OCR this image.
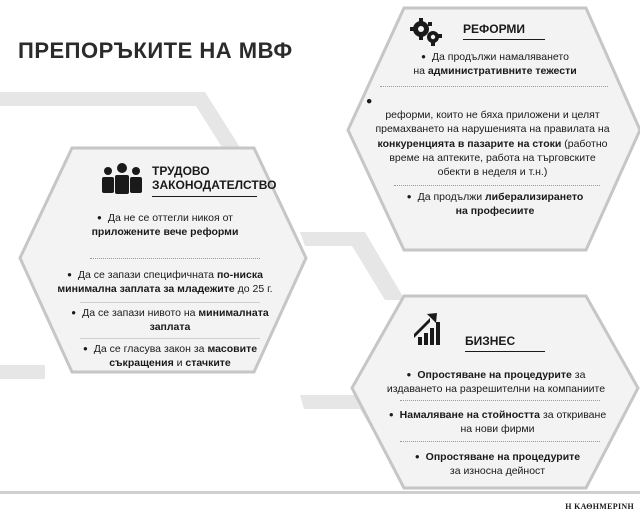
ПРЕПОРЪКИТЕ НА МВФ
РЕФОРМИ
● Да продължи намаляването
на административните тежести
●
реформи, които не бяха приложени и целят
премахването на нарушенията на правилата на
конкуренцията в пазарите на стоки (работно
време на аптеките, работа на търговските
обекти в неделя и т.н.)
● Да продължи либерализирането
на професиите
ТРУДОВО
ЗАКОНОДАТЕЛСТВО
● Да не се оттегли никоя от
приложените вече реформи
● Да се запази специфичната по-ниска
минимална заплата за младежите до 25 г.
● Да се запази нивото на минималната
заплата
● Да се гласува закон за масовите
съкращения и стачките
БИЗНЕС
● Опростяване на процедурите за
издаването на разрешителни на компаниите
● Намаляване на стойността за откриване
на нови фирми
● Опростяване на процедурите
за износна дейност
Η ΚΑΘΗΜΕΡΙΝΗ
